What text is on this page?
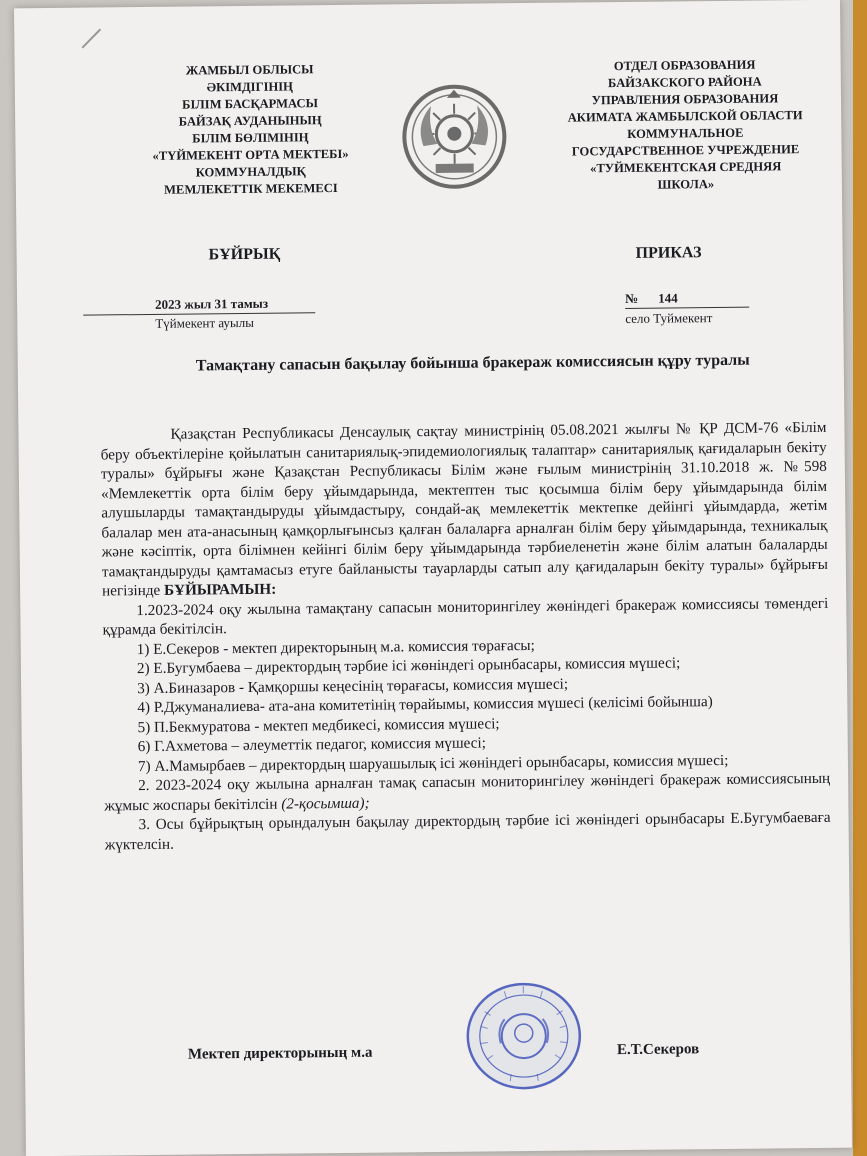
ЖАМБЫЛ ОБЛЫСЫ
ӘКІМДІГІНІҢ
БІЛІМ БАСҚАРМАСЫ
БАЙЗАҚ АУДАНЫНЫҢ
БІЛІМ БӨЛІМІНІҢ
«ТҮЙМЕКЕНТ ОРТА МЕКТЕБІ»
КОММУНАЛДЫҚ
МЕМЛЕКЕТТІК МЕКЕМЕСІ
ОТДЕЛ ОБРАЗОВАНИЯ
БАЙЗАКСКОГО РАЙОНА
УПРАВЛЕНИЯ ОБРАЗОВАНИЯ
АКИМАТА ЖАМБЫЛСКОЙ ОБЛАСТИ
КОММУНАЛЬНОЕ
ГОСУДАРСТВЕННОЕ УЧРЕЖДЕНИЕ
«ТУЙМЕКЕНТСКАЯ СРЕДНЯЯ
ШКОЛА»
БҰЙРЫҚ	ПРИКАЗ
2023 жыл 31 тамыз
Түймекент ауылы
№ 144
село Туймекент
Тамақтану сапасын бақылау бойынша бракераж комиссиясын құру туралы

Қазақстан Республикасы Денсаулық сақтау министрінің 05.08.2021 жылғы № ҚР ДСМ-76 «Білім беру объектілеріне қойылатын санитариялық-эпидемиологиялық талаптар» санитариялық қағидаларын бекіту туралы» бұйрығы және Қазақстан Республикасы Білім және ғылым министрінің 31.10.2018 ж. №598 «Мемлекеттік орта білім беру ұйымдарында, мектептен тыс қосымша білім беру ұйымдарында білім алушыларды тамақтандыруды ұйымдастыру, сондай-ақ мемлекеттік мектепке дейінгі ұйымдарда, жетім балалар мен ата-анасының қамқорлығынсыз қалған балаларға арналған білім беру ұйымдарында, техникалық және кәсіптік, орта білімнен кейінгі білім беру ұйымдарында тәрбиеленетін және білім алатын балаларды тамақтандыруды қамтамасыз етуге байланысты тауарларды сатып алу қағидаларын бекіту туралы» бұйрығы негізінде БҰЙЫРАМЫН:

1.2023-2024 оқу жылына тамақтану сапасын мониторингілеу жөніндегі бракераж комиссиясы төмендегі құрамда бекітілсін.

1) Е.Секеров - мектеп директорының м.а. комиссия төрағасы;

2) Е.Бугумбаева – директордың тәрбие ісі жөніндегі орынбасары, комиссия мүшесі;

3) А.Биназаров - Қамқоршы кеңесінің төрағасы, комиссия мүшесі;

4) Р.Джуманалиева- ата-ана комитетінің төрайымы, комиссия мүшесі (келісімі бойынша)

5) П.Бекмуратова - мектеп медбикесі, комиссия мүшесі;

6) Г.Ахметова – әлеуметтік педагог, комиссия мүшесі;

7) А.Мамырбаев – директордың шаруашылық ісі жөніндегі орынбасары, комиссия мүшесі;

2. 2023-2024 оқу жылына арналған тамақ сапасын мониторингілеу жөніндегі бракераж комиссиясының жұмыс жоспары бекітілсін (2-қосымша);

3. Осы бұйрықтың орындалуын бақылау директордың тәрбие ісі жөніндегі орынбасары Е.Бугумбаеваға жүктелсін.

Мектеп директорының м.а	Е.Т.Секеров
